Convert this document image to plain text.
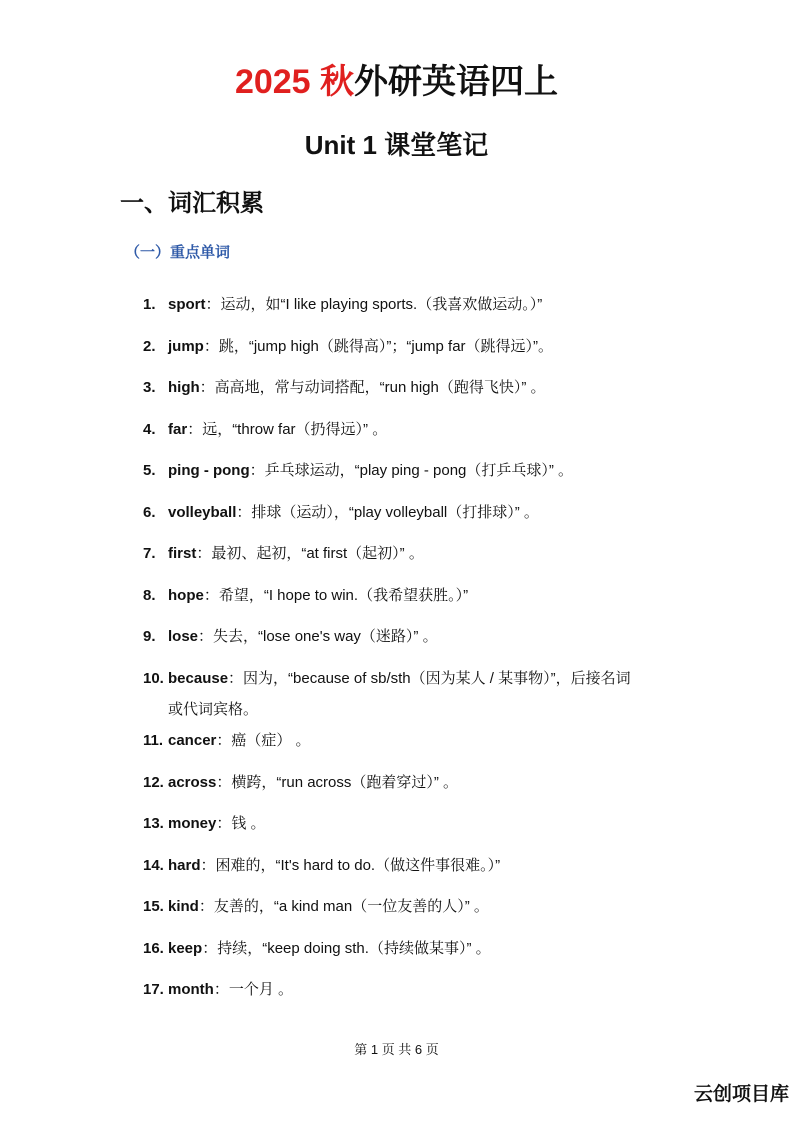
2025 秋外研英语四上
Unit 1 课堂笔记
一、词汇积累
（一）重点单词
1. sport：运动，如“I like playing sports.（我喜欢做运动。）”
2. jump：跳，“jump high（跳得高）”；“jump far（跳得远）”。
3. high：高高地，常与动词搭配，“run high（跑得飞快）” 。
4. far：远，“throw far（扔得远）” 。
5. ping - pong：乒乓球运动，“play ping - pong（打乒乓球）” 。
6. volleyball：排球（运动），“play volleyball（打排球）” 。
7. first：最初、起初，“at first（起初）” 。
8. hope：希望，“I hope to win.（我希望获胜。）”
9. lose：失去，“lose one's way（迷路）” 。
10. because：因为，“because of sb/sth（因为某人 / 某事物）”，后接名词
或代词宾格。
11. cancer：癌（症） 。
12. across：横跨，“run across（跑着穿过）” 。
13. money：钱 。
14. hard：困难的，“It's hard to do.（做这件事很难。）”
15. kind：友善的，“a kind man（一位友善的人）” 。
16. keep：持续，“keep doing sth.（持续做某事）” 。
17. month：一个月 。
第 1 页 共 6 页
云创项目库
